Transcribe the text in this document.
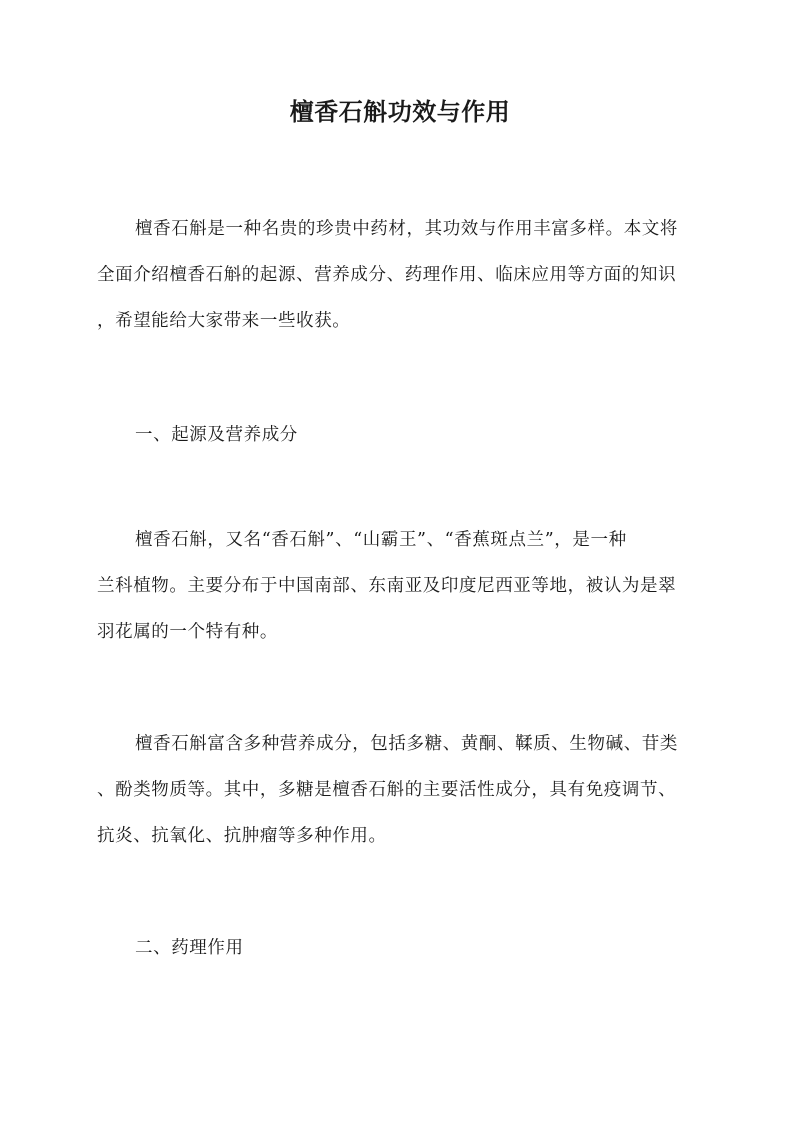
檀香石斛功效与作用
檀香石斛是一种名贵的珍贵中药材，其功效与作用丰富多样。本文将
全面介绍檀香石斛的起源、营养成分、药理作用、临床应用等方面的知识
，希望能给大家带来一些收获。
一、起源及营养成分
檀香石斛，又名“香石斛”、“山霸王”、“香蕉斑点兰”，是一种
兰科植物。主要分布于中国南部、东南亚及印度尼西亚等地，被认为是翠
羽花属的一个特有种。
檀香石斛富含多种营养成分，包括多糖、黄酮、鞣质、生物碱、苷类
、酚类物质等。其中，多糖是檀香石斛的主要活性成分，具有免疫调节、
抗炎、抗氧化、抗肿瘤等多种作用。
二、药理作用
